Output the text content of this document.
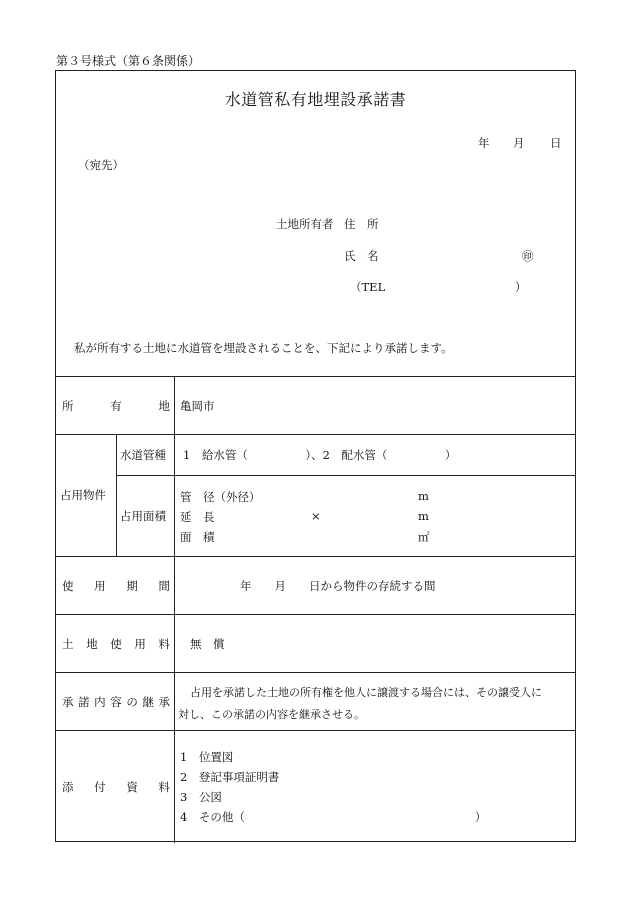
第３号様式（第６条関係）
水道管私有地埋設承諾書
年 月 日
（宛先）
土地所有者 住　所
氏　名	㊞
（TEL	）
私が所有する土地に水道管を埋設されることを、下記により承諾します。
所	有	地 亀岡市
占用物件
水道管種 1　給水管（　　　　　）、2　配水管（　　　　　）
占用面積
管　径（外径）	m
延　長	×	m
面　積	㎡
使 用 期 間	年　　月　　日から物件の存続する間
土 地 使 用 料 無　償
承 諾 内 容 の 継 承
占用を承諾した土地の所有権を他人に譲渡する場合には、その譲受人に
対し、この承諾の内容を継承させる。
添 付 資 料
1　位置図
2　登記事項証明書
3　公図
4　その他（　　　　　　　　　　　　　　　　　　　　）
